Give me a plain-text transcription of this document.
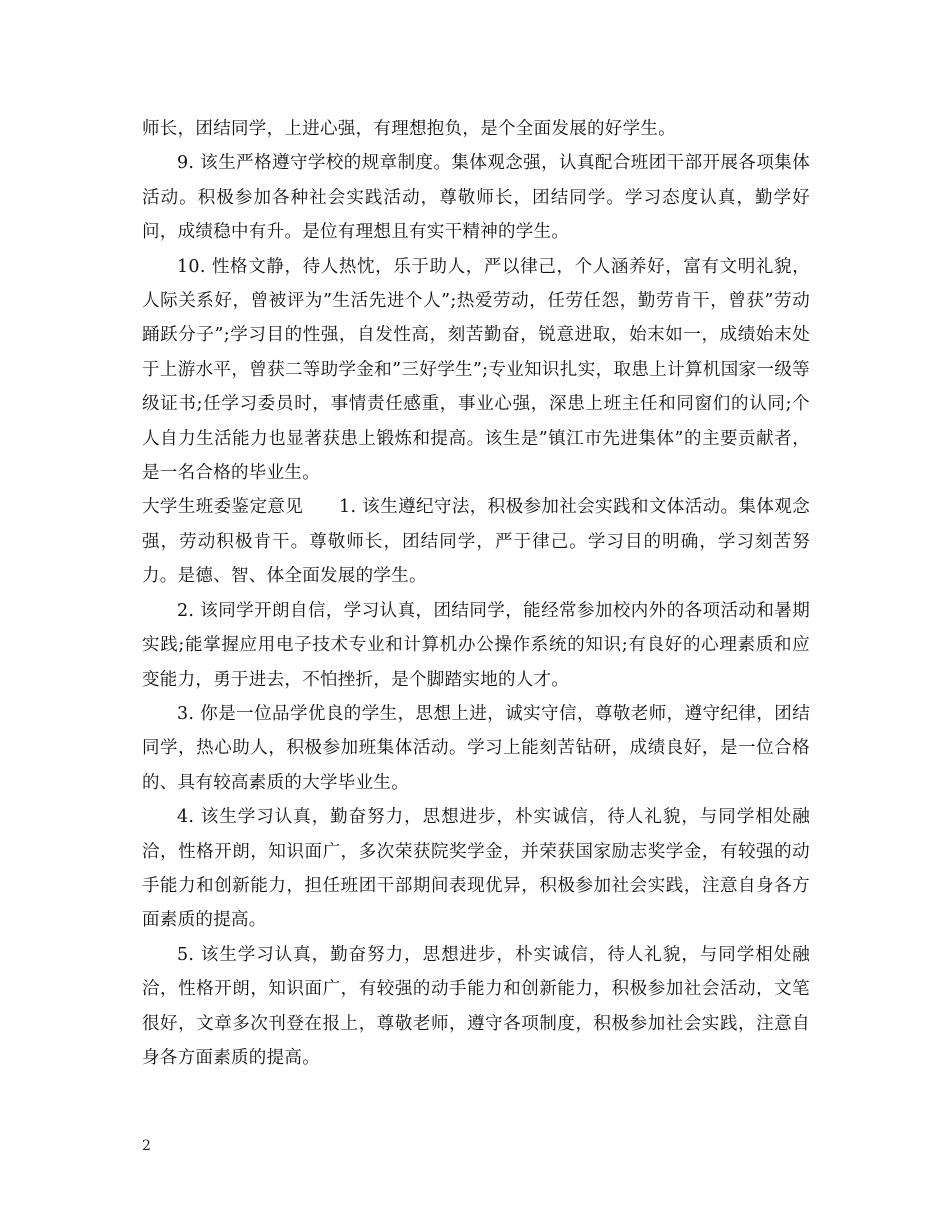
师长，团结同学，上进心强，有理想抱负，是个全面发展的好学生。

9. 该生严格遵守学校的规章制度。集体观念强，认真配合班团干部开展各项集体活动。积极参加各种社会实践活动，尊敬师长，团结同学。学习态度认真，勤学好问，成绩稳中有升。是位有理想且有实干精神的学生。

10. 性格文静，待人热忱，乐于助人，严以律己，个人涵养好，富有文明礼貌，人际关系好，曾被评为”生活先进个人”;热爱劳动，任劳任怨，勤劳肯干，曾获”劳动踊跃分子”;学习目的性强，自发性高，刻苦勤奋，锐意进取，始末如一，成绩始末处于上游水平，曾获二等助学金和”三好学生”;专业知识扎实，取患上计算机国家一级等级证书;任学习委员时，事情责任感重，事业心强，深患上班主任和同窗们的认同;个人自力生活能力也显著获患上锻炼和提高。该生是”镇江市先进集体”的主要贡献者，是一名合格的毕业生。

大学生班委鉴定意见　　1. 该生遵纪守法，积极参加社会实践和文体活动。集体观念强，劳动积极肯干。尊敬师长，团结同学，严于律己。学习目的明确，学习刻苦努力。是德、智、体全面发展的学生。

2. 该同学开朗自信，学习认真，团结同学，能经常参加校内外的各项活动和暑期实践;能掌握应用电子技术专业和计算机办公操作系统的知识;有良好的心理素质和应变能力，勇于进去，不怕挫折，是个脚踏实地的人才。

3. 你是一位品学优良的学生，思想上进，诚实守信，尊敬老师，遵守纪律，团结同学，热心助人，积极参加班集体活动。学习上能刻苦钻研，成绩良好，是一位合格的、具有较高素质的大学毕业生。

4. 该生学习认真，勤奋努力，思想进步，朴实诚信，待人礼貌，与同学相处融洽，性格开朗，知识面广，多次荣获院奖学金，并荣获国家励志奖学金，有较强的动手能力和创新能力，担任班团干部期间表现优异，积极参加社会实践，注意自身各方面素质的提高。

5. 该生学习认真，勤奋努力，思想进步，朴实诚信，待人礼貌，与同学相处融洽，性格开朗，知识面广，有较强的动手能力和创新能力，积极参加社会活动，文笔很好，文章多次刊登在报上，尊敬老师，遵守各项制度，积极参加社会实践，注意自身各方面素质的提高。

2
